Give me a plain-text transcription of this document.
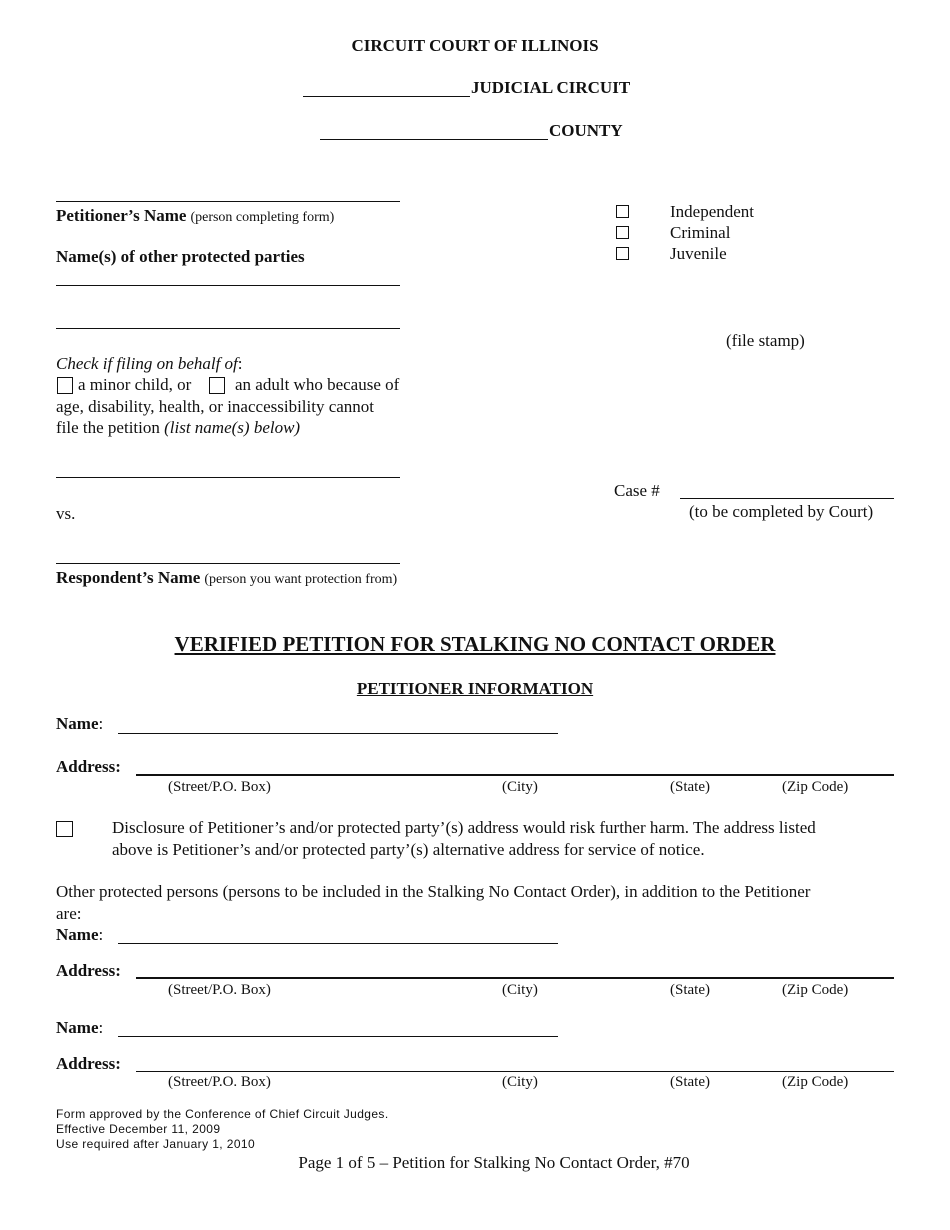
CIRCUIT COURT OF ILLINOIS
JUDICIAL CIRCUIT
COUNTY
Petitioner’s Name (person completing form)
Name(s) of other protected parties
Check if filing on behalf of:
a minor child, or	an adult who because of
age, disability, health, or inaccessibility cannot
file the petition (list name(s) below)
vs.
Respondent’s Name (person you want protection from)
Independent
Criminal
Juvenile
(file stamp)
Case #
(to be completed by Court)
VERIFIED PETITION FOR STALKING NO CONTACT ORDER
PETITIONER INFORMATION
Name:
Address:
(Street/P.O. Box)	(City)	(State)	(Zip Code)
Disclosure of Petitioner’s and/or protected party’(s) address would risk further harm. The address listed
above is Petitioner’s and/or protected party’(s) alternative address for service of notice.
Other protected persons (persons to be included in the Stalking No Contact Order), in addition to the Petitioner
are:
Name:
Address:
(Street/P.O. Box)	(City)	(State)	(Zip Code)
Name:
Address:
(Street/P.O. Box)	(City)	(State)	(Zip Code)
Form approved by the Conference of Chief Circuit Judges.
Effective December 11, 2009
Use required after January 1, 2010
Page 1 of 5 – Petition for Stalking No Contact Order, #70
